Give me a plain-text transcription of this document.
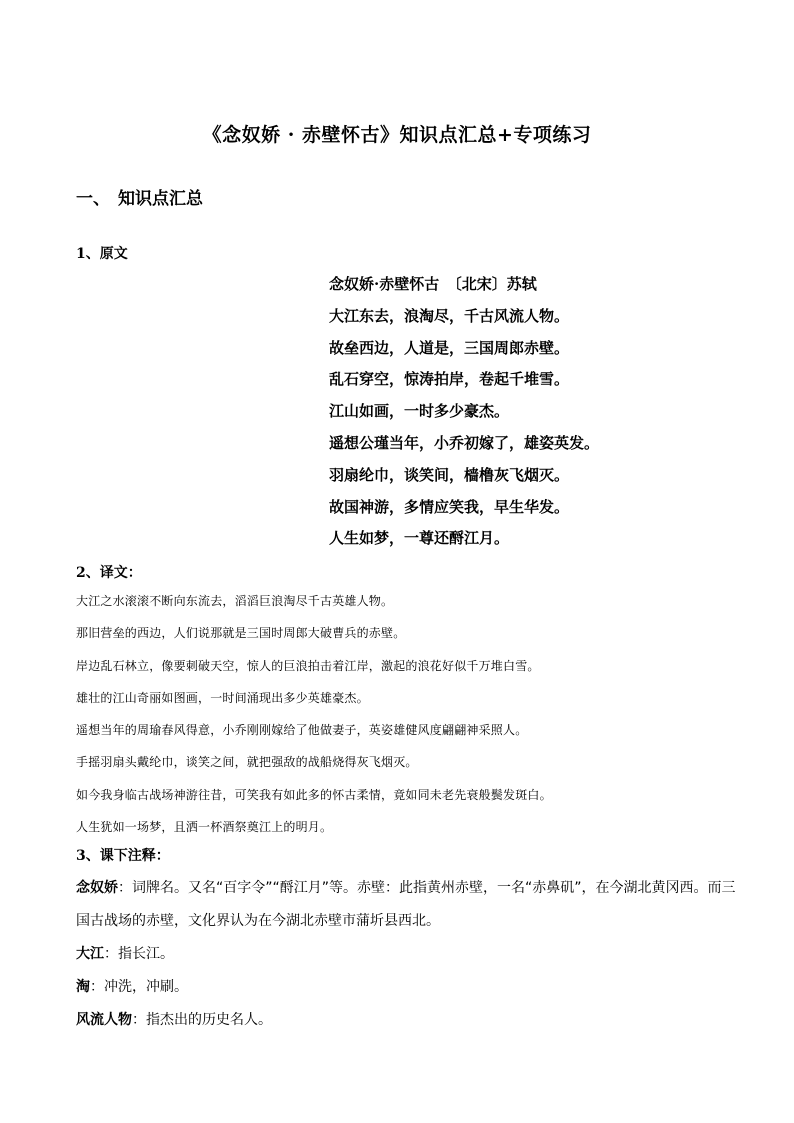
《念奴娇 · 赤壁怀古》知识点汇总+专项练习
一、 知识点汇总
1、原文
念奴娇·赤壁怀古　〔北宋〕苏轼
大江东去，浪淘尽，千古风流人物。
故垒西边，人道是，三国周郎赤壁。
乱石穿空，惊涛拍岸，卷起千堆雪。
江山如画，一时多少豪杰。
遥想公瑾当年，小乔初嫁了，雄姿英发。
羽扇纶巾，谈笑间，樯橹灰飞烟灭。
故国神游，多情应笑我，早生华发。
人生如梦，一尊还酹江月。
2、译文：
大江之水滚滚不断向东流去，滔滔巨浪淘尽千古英雄人物。
那旧营垒的西边，人们说那就是三国时周郎大破曹兵的赤壁。
岸边乱石林立，像要刺破天空，惊人的巨浪拍击着江岸，激起的浪花好似千万堆白雪。
雄壮的江山奇丽如图画，一时间涌现出多少英雄豪杰。
遥想当年的周瑜春风得意，小乔刚刚嫁给了他做妻子，英姿雄健风度翩翩神采照人。
手摇羽扇头戴纶巾，谈笑之间，就把强敌的战船烧得灰飞烟灭。
如今我身临古战场神游往昔，可笑我有如此多的怀古柔情，竟如同未老先衰般鬓发斑白。
人生犹如一场梦，且洒一杯酒祭奠江上的明月。
3、课下注释：
念奴娇：词牌名。又名“百字令”“酹江月”等。赤壁：此指黄州赤壁，一名“赤鼻矶”，在今湖北黄冈西。而三国古战场的赤壁，文化界认为在今湖北赤壁市蒲圻县西北。
大江：指长江。
淘：冲洗，冲刷。
风流人物：指杰出的历史名人。
